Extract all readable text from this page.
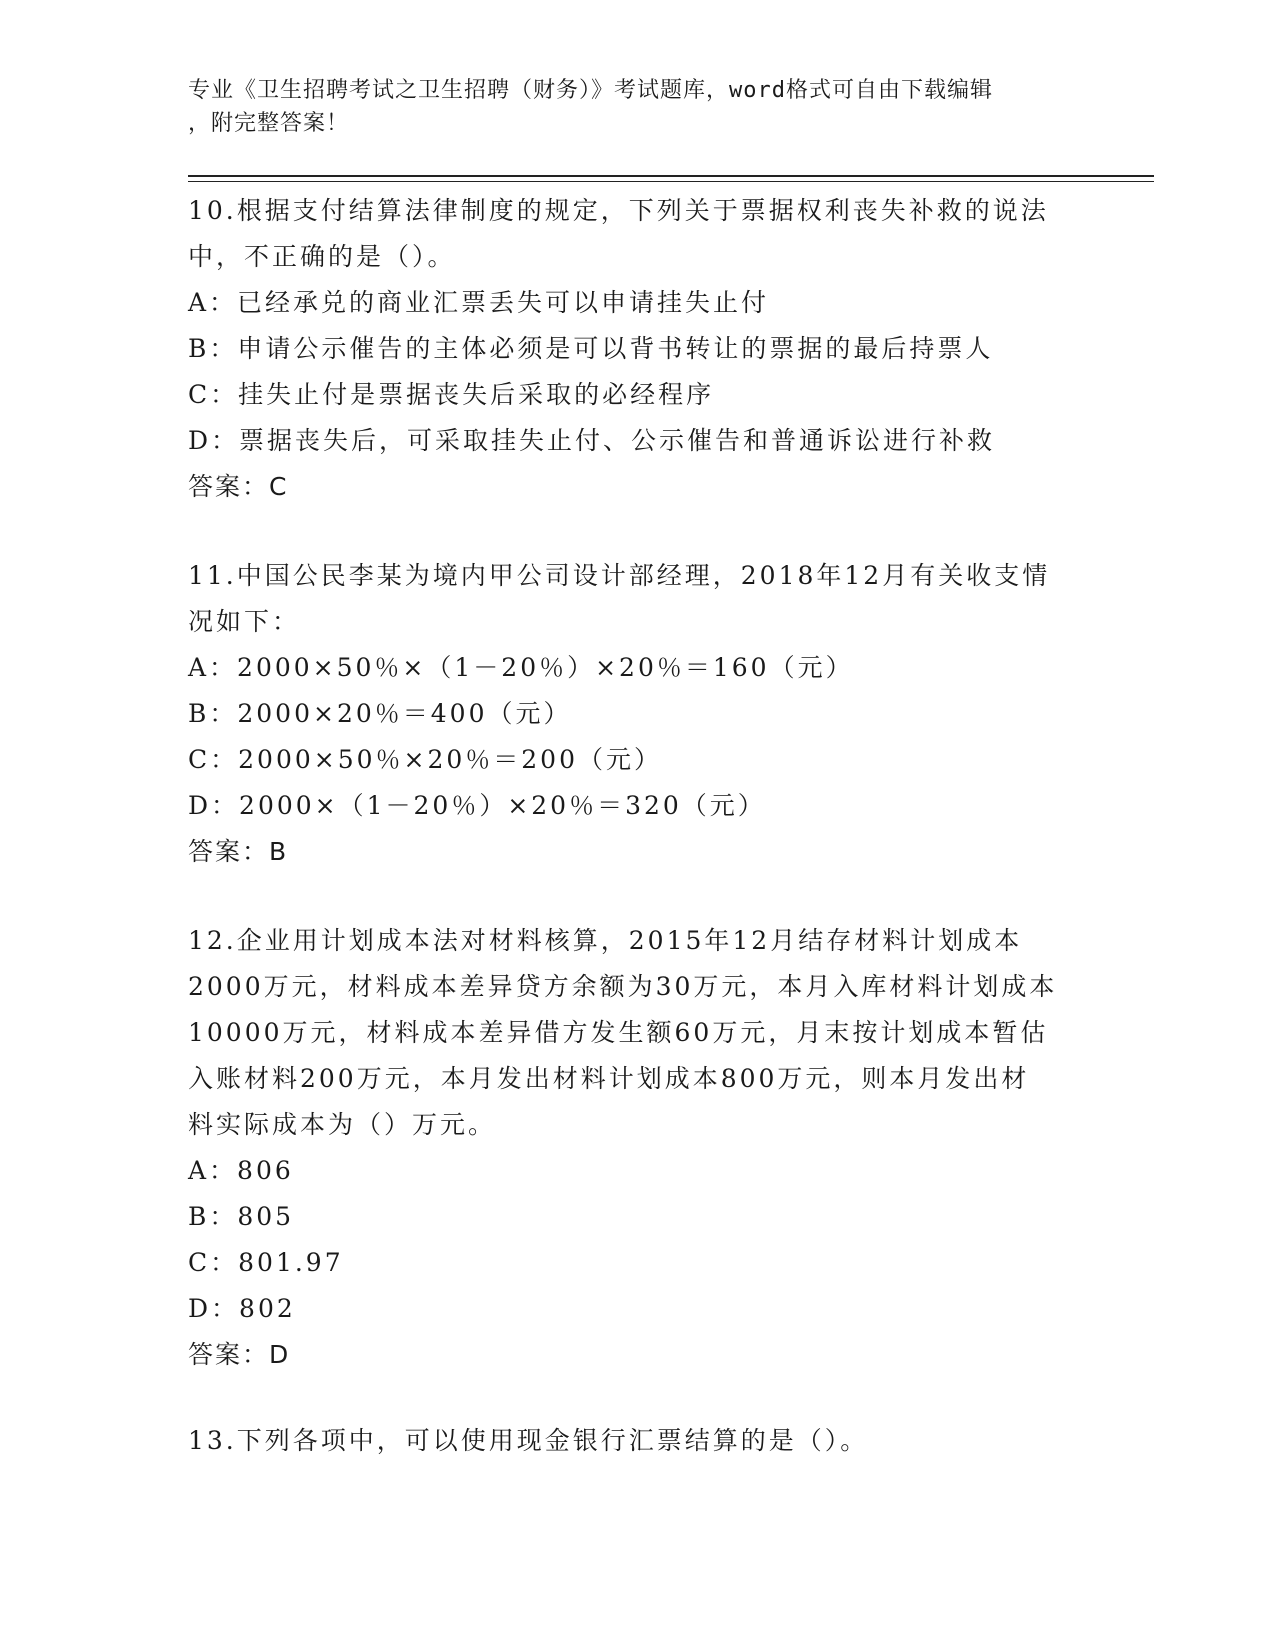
专业《卫生招聘考试之卫生招聘（财务）》考试题库，word格式可自由下载编辑
，附完整答案！
10.根据支付结算法律制度的规定，下列关于票据权利丧失补救的说法
中，不正确的是（）。
A：已经承兑的商业汇票丢失可以申请挂失止付
B：申请公示催告的主体必须是可以背书转让的票据的最后持票人
C：挂失止付是票据丧失后采取的必经程序
D：票据丧失后，可采取挂失止付、公示催告和普通诉讼进行补救
答案：C
11.中国公民李某为境内甲公司设计部经理，2018年12月有关收支情
况如下：
A：2000×50％×（1－20％）×20％＝160（元）
B：2000×20％＝400（元）
C：2000×50％×20％＝200（元）
D：2000×（1－20％）×20％＝320（元）
答案：B
12.企业用计划成本法对材料核算，2015年12月结存材料计划成本
2000万元，材料成本差异贷方余额为30万元，本月入库材料计划成本
10000万元，材料成本差异借方发生额60万元，月末按计划成本暂估
入账材料200万元，本月发出材料计划成本800万元，则本月发出材
料实际成本为（）万元。
A：806
B：805
C：801.97
D：802
答案：D
13.下列各项中，可以使用现金银行汇票结算的是（）。
